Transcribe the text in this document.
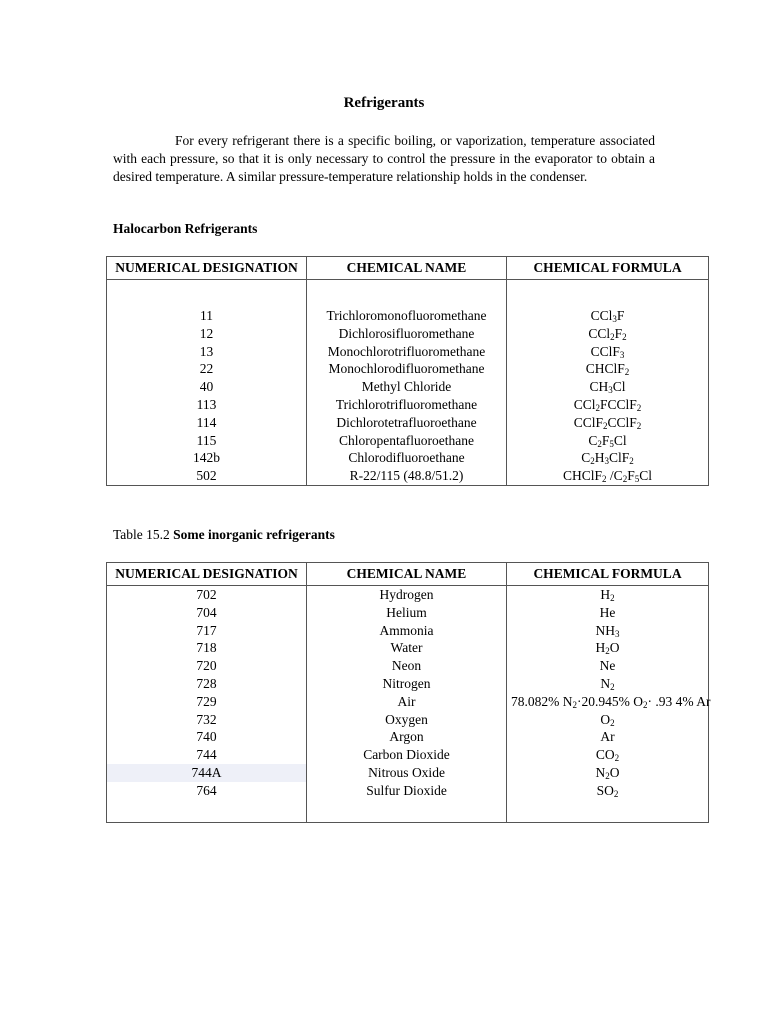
Refrigerants

For every refrigerant there is a specific boiling, or vaporization, temperature associated with each pressure, so that it is only necessary to control the pressure in the evaporator to obtain a desired temperature. A similar pressure-temperature relationship holds in the condenser.

Halocarbon Refrigerants

NUMERICAL DESIGNATION	CHEMICAL NAME	CHEMICAL FORMULA

11	Trichloromonofluoromethane	CCl$_3$F
12	Dichlorosifluoromethane	$CCl_2F_2$
13	Monochlorotrifluoromethane	CClF$_3$
22	Monochlorodifluoromethane	CHClF$_2$
40	Methyl Chloride	$CH_3Cl$
113	Trichlorotrifluoromethane	CCl$_2$FCClF$_2$
114	Dichlorotetrafluoroethane	CClF$_2$CClF$_2$
115	Chloropentafluoroethane	$C_2F_5Cl$
142b	Chlorodifluoroethane	$C_2H_3ClF_2$
502	R-22/115 (48.8/51.2)	CHClF$_2$ $/C_2F_5Cl$

Table 15.2 Some inorganic refrigerants

NUMERICAL DESIGNATION	CHEMICAL NAME	CHEMICAL FORMULA
702	Hydrogen	$H_2$
704	Helium	He
717	Ammonia	$NH_3$
718	Water	$H_2O$
720	Neon	Ne
728	Nitrogen	$N_2$
729	Air	78.082% $N_2\cdot 20.945\%$ $O_2\cdot .93$ 4% Ar
732	Oxygen	$O_2$
740	Argon	Ar
744	Carbon Dioxide	$CO_2$
744A	Nitrous Oxide	$N_2O$
764	Sulfur Dioxide	$SO_2$
